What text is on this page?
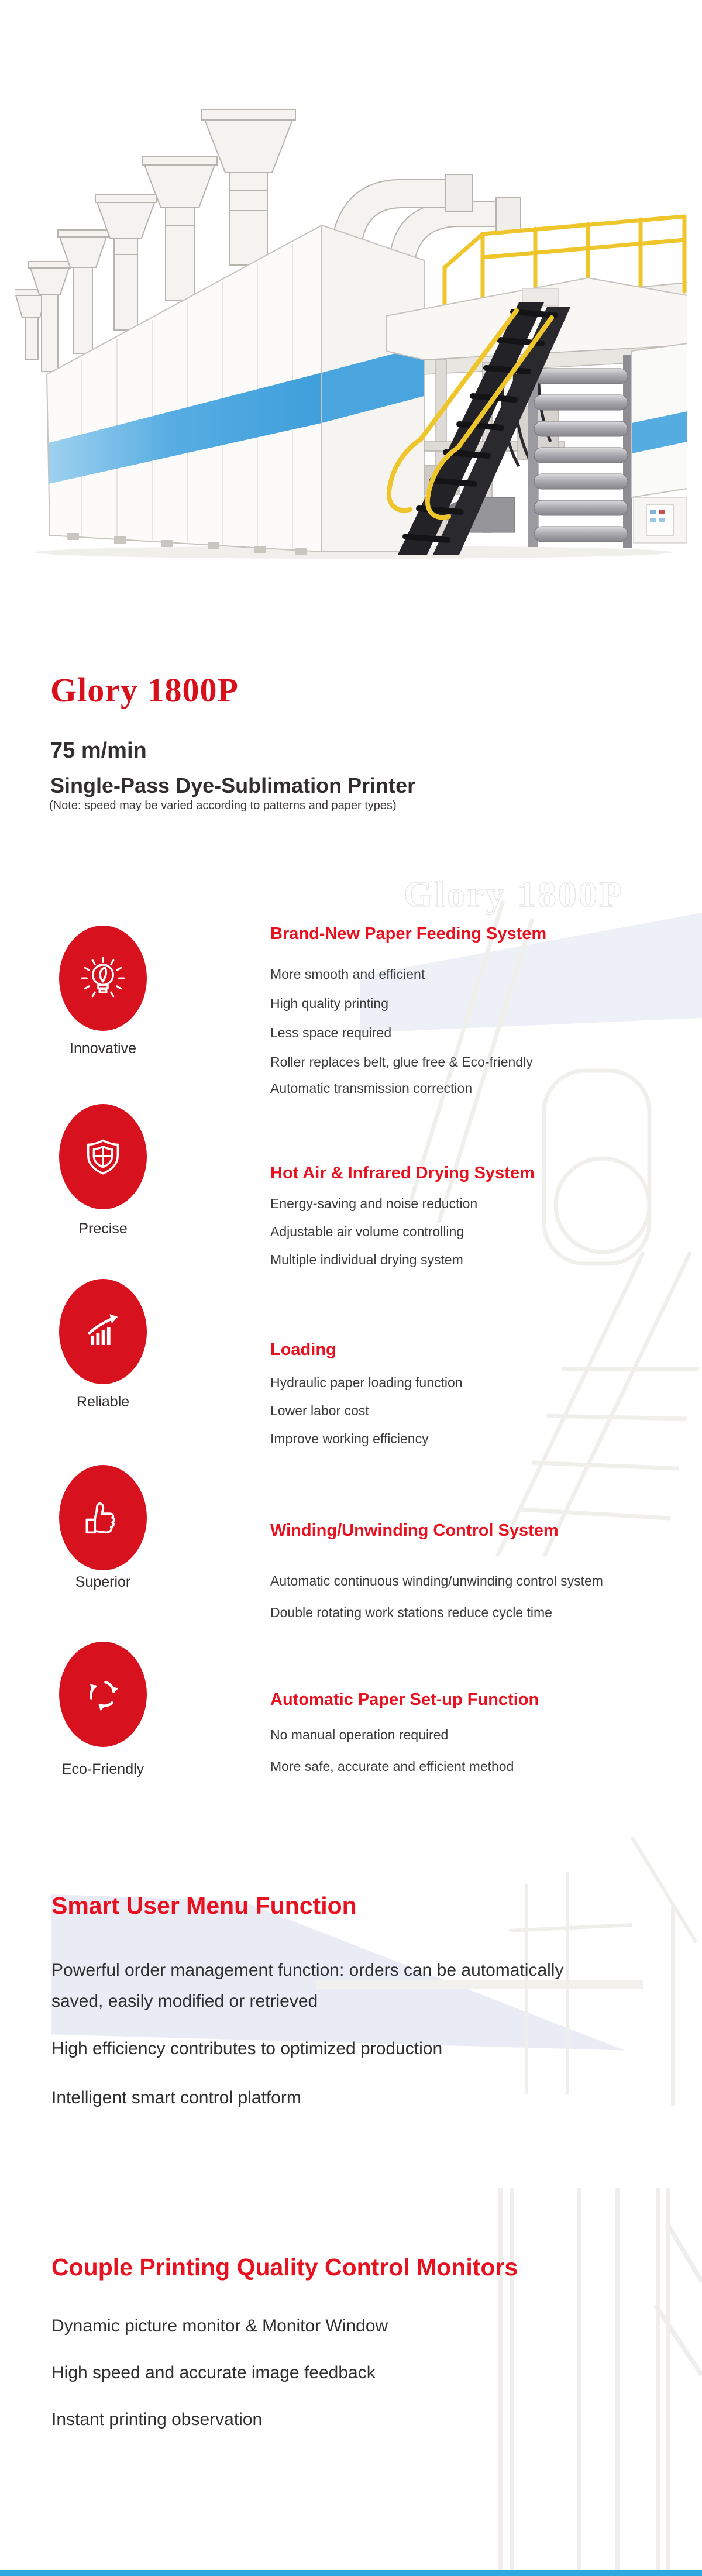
Glory 1800P
Glory 1800P
75 m/min
Single-Pass Dye-Sublimation Printer
(Note: speed may be varied according to patterns and paper types)
Innovative
Brand-New Paper Feeding System
More smooth and efficient
High quality printing
Less space required
Roller replaces belt, glue free & Eco-friendly
Automatic transmission correction
Precise
Hot Air & Infrared Drying System
Energy-saving and noise reduction
Adjustable air volume controlling
Multiple individual drying system
Reliable
Loading
Hydraulic paper loading function
Lower labor cost
Improve working efficiency
Superior
Winding/Unwinding Control System
Automatic continuous winding/unwinding control system
Double rotating work stations reduce cycle time
Eco-Friendly
Automatic Paper Set-up Function
No manual operation required
More safe, accurate and efficient method
Smart User Menu Function
Powerful order management function: orders can be automatically saved, easily modified or retrieved
High efficiency contributes to optimized production
Intelligent smart control platform
Couple Printing Quality Control Monitors
Dynamic picture monitor & Monitor Window
High speed and accurate image feedback
Instant printing observation
